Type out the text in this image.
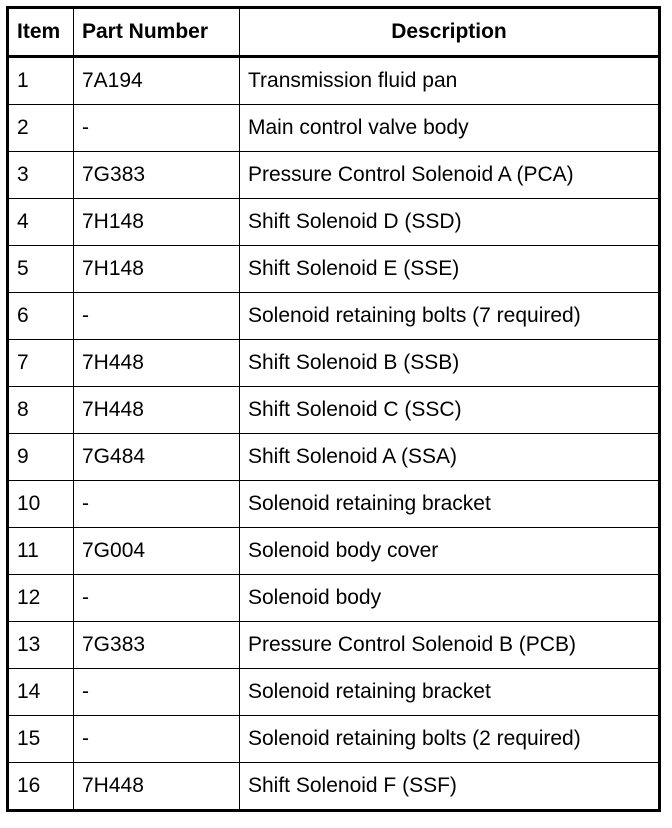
Item	Part Number	Description
1	7A194	Transmission fluid pan
2	-	Main control valve body
3	7G383	Pressure Control Solenoid A (PCA)
4	7H148	Shift Solenoid D (SSD)
5	7H148	Shift Solenoid E (SSE)
6	-	Solenoid retaining bolts (7 required)
7	7H448	Shift Solenoid B (SSB)
8	7H448	Shift Solenoid C (SSC)
9	7G484	Shift Solenoid A (SSA)
10	-	Solenoid retaining bracket
11	7G004	Solenoid body cover
12	-	Solenoid body
13	7G383	Pressure Control Solenoid B (PCB)
14	-	Solenoid retaining bracket
15	-	Solenoid retaining bolts (2 required)
16	7H448	Shift Solenoid F (SSF)
